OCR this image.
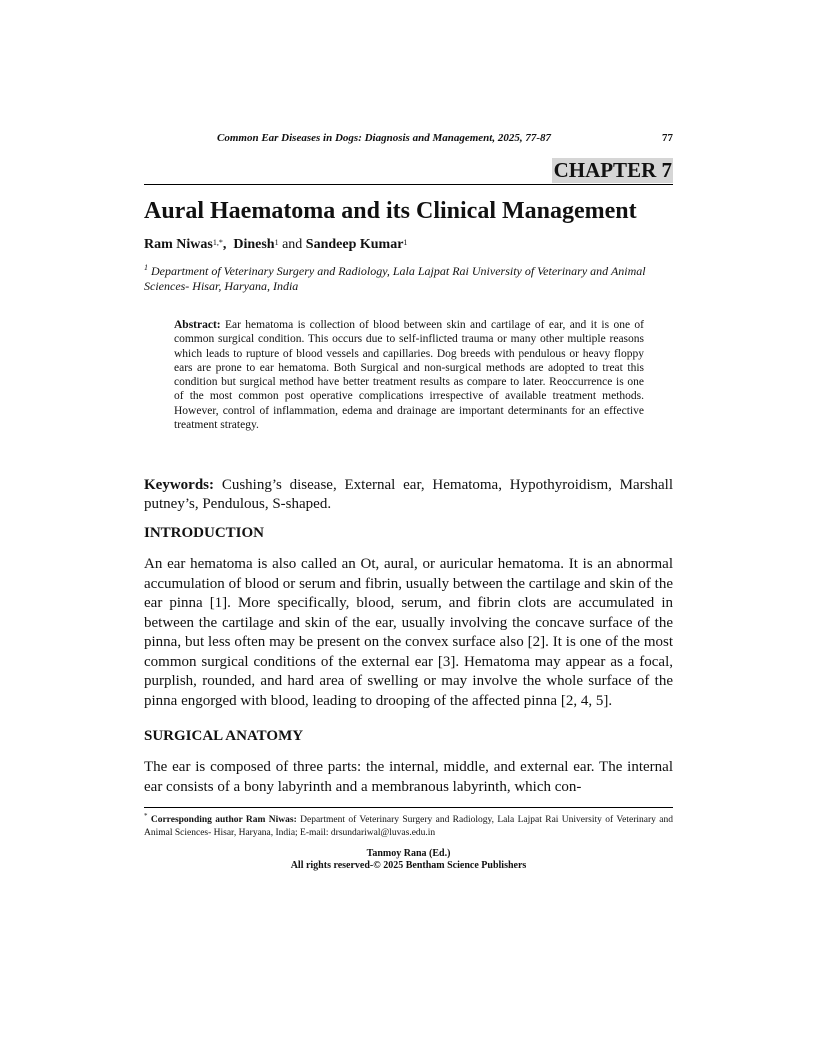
Common Ear Diseases in Dogs: Diagnosis and Management, 2025, 77-87	77
CHAPTER 7
Aural Haematoma and its Clinical Management
Ram Niwas$^{1,*}$,  Dinesh$^1$ and Sandeep Kumar$^1$
$^1$ Department of Veterinary Surgery and Radiology, Lala Lajpat Rai University of Veterinary and Animal Sciences- Hisar, Haryana, India
Abstract: Ear hematoma is collection of blood between skin and cartilage of ear, and it is one of common surgical condition. This occurs due to self-inflicted trauma or many other multiple reasons which leads to rupture of blood vessels and capillaries. Dog breeds with pendulous or heavy floppy ears are prone to ear hematoma. Both Surgical and non-surgical methods are adopted to treat this condition but surgical method have better treatment results as compare to later. Reoccurrence is one of the most common post operative complications irrespective of available treatment methods. However, control of inflammation, edema and drainage are important determinants for an effective treatment strategy.
Keywords: Cushing’s disease, External ear, Hematoma, Hypothyroidism, Marshall putney’s, Pendulous, S-shaped.
INTRODUCTION

An ear hematoma is also called an Ot, aural, or auricular hematoma. It is an abnormal accumulation of blood or serum and fibrin, usually between the cartilage and skin of the ear pinna [1]. More specifically, blood, serum, and fibrin clots are accumulated in between the cartilage and skin of the ear, usually involving the concave surface of the pinna, but less often may be present on the convex surface also [2]. It is one of the most common surgical conditions of the external ear [3]. Hematoma may appear as a focal, purplish, rounded, and hard area of swelling or may involve the whole surface of the pinna engorged with blood, leading to drooping of the affected pinna [2, 4, 5].

SURGICAL ANATOMY

The ear is composed of three parts: the internal, middle, and external ear. The internal ear consists of a bony labyrinth and a membranous labyrinth, which con-

* Corresponding author Ram Niwas: Department of Veterinary Surgery and Radiology, Lala Lajpat Rai University of Veterinary and Animal Sciences- Hisar, Haryana, India; E-mail: drsundariwal@luvas.edu.in
Tanmoy Rana (Ed.)
All rights reserved-© 2025 Bentham Science Publishers
